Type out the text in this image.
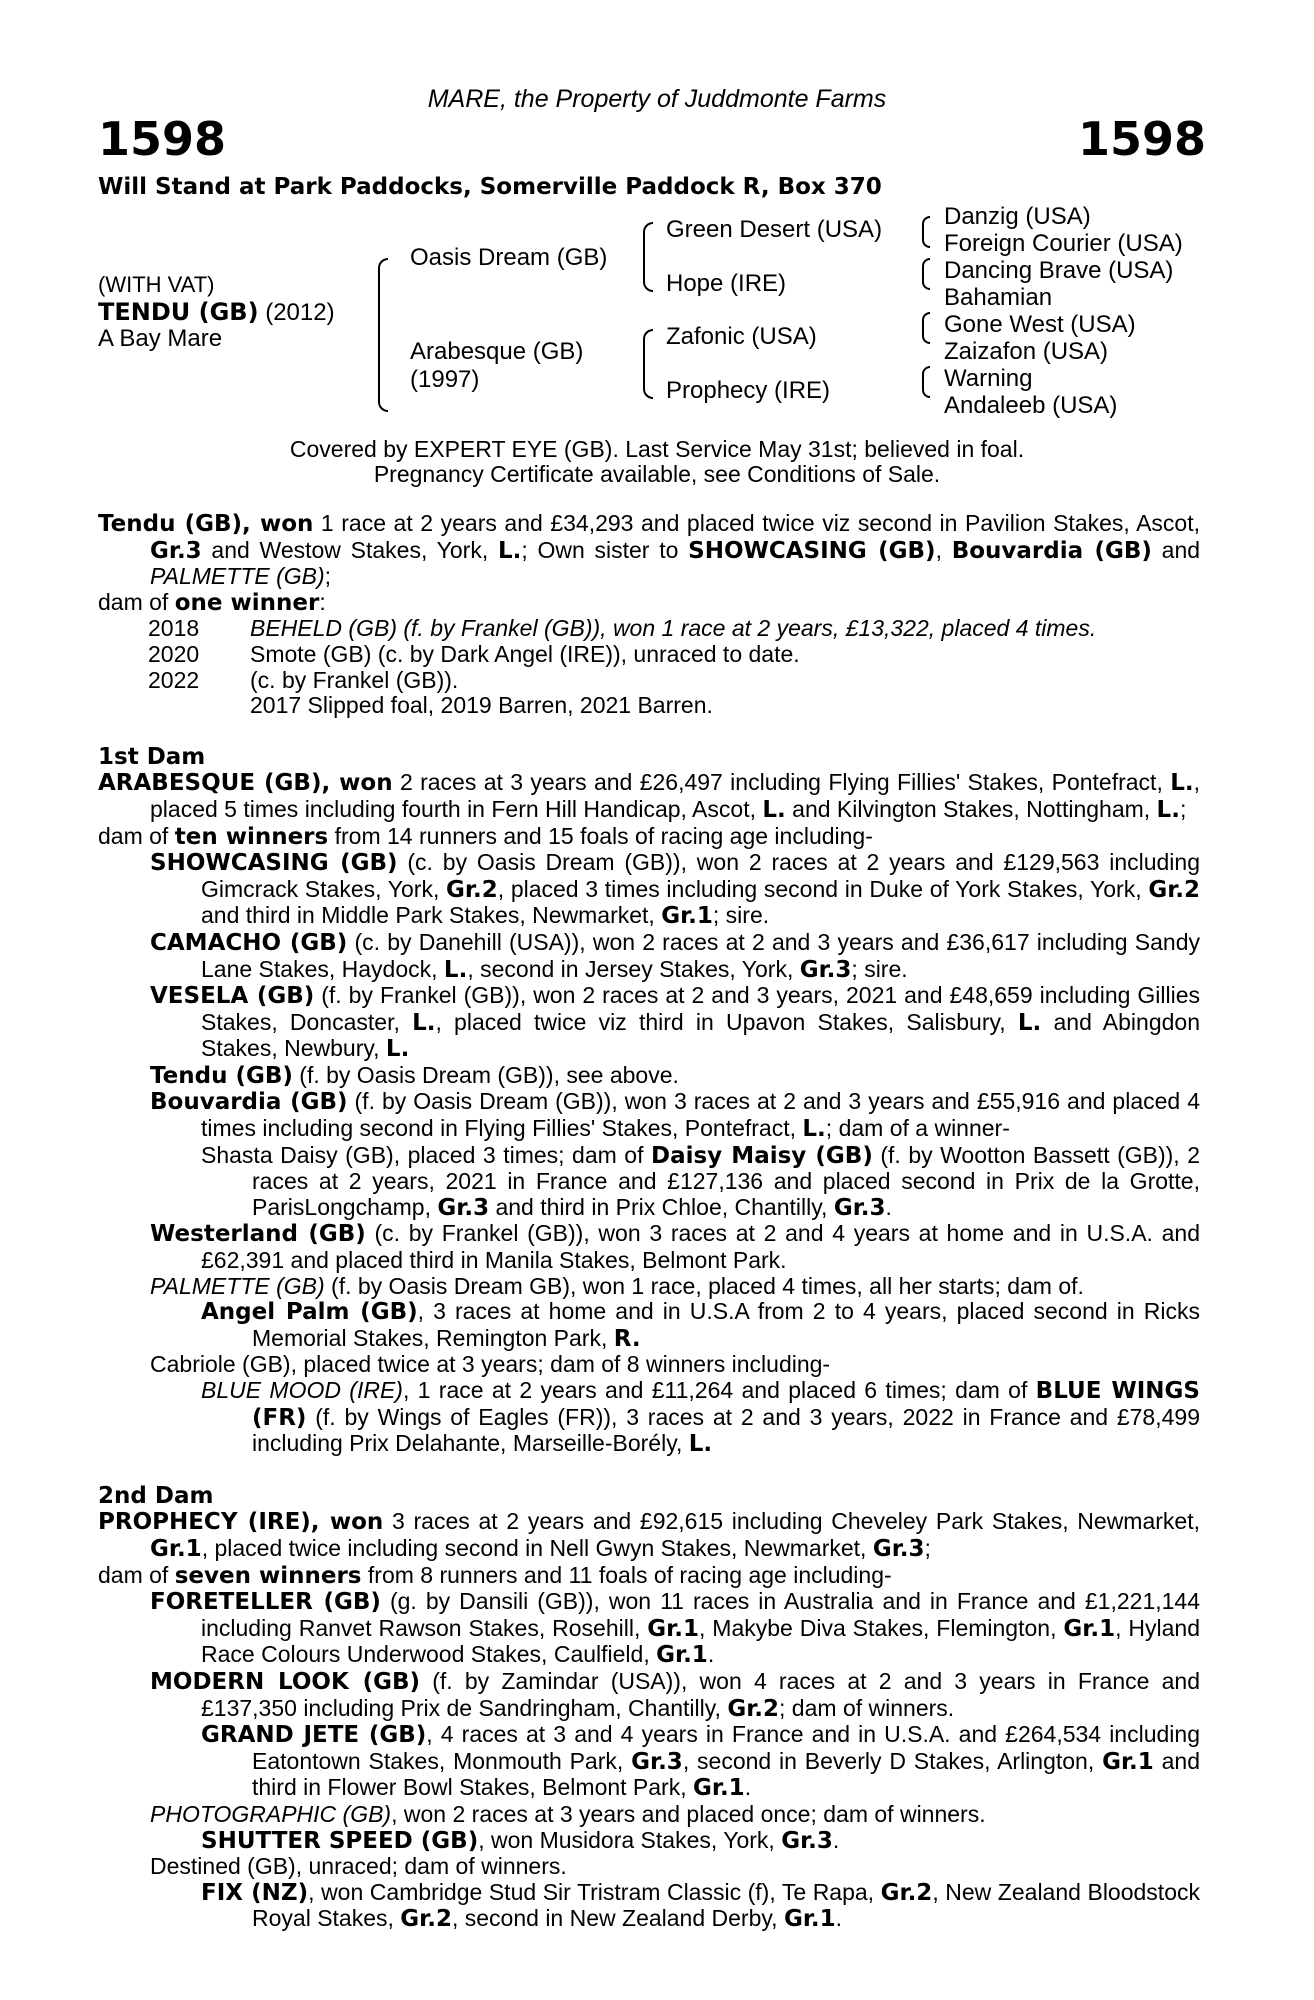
MARE, the Property of Juddmonte Farms
1598	1598
Will Stand at Park Paddocks, Somerville Paddock R, Box 370
(WITH VAT)
TENDU (GB) (2012)
A Bay Mare
Oasis Dream (GB)
Arabesque (GB)
(1997)
Green Desert (USA)
Hope (IRE)
Zafonic (USA)
Prophecy (IRE)
Danzig (USA)
Foreign Courier (USA)
Dancing Brave (USA)
Bahamian
Gone West (USA)
Zaizafon (USA)
Warning
Andaleeb (USA)
Covered by EXPERT EYE (GB). Last Service May 31st; believed in foal.
Pregnancy Certificate available, see Conditions of Sale.

Tendu (GB), won 1 race at 2 years and £34,293 and placed twice viz second in Pavilion Stakes, Ascot, Gr.3 and Westow Stakes, York, L.; Own sister to SHOWCASING (GB), Bouvardia (GB) and PALMETTE (GB);

dam of one winner:

2018	BEHELD (GB) (f. by Frankel (GB)), won 1 race at 2 years, £13,322, placed 4 times.
2020	Smote (GB) (c. by Dark Angel (IRE)), unraced to date.
2022	(c. by Frankel (GB)).
2017 Slipped foal, 2019 Barren, 2021 Barren.

1st Dam

ARABESQUE (GB), won 2 races at 3 years and £26,497 including Flying Fillies' Stakes, Pontefract, L., placed 5 times including fourth in Fern Hill Handicap, Ascot, L. and Kilvington Stakes, Nottingham, L.;

dam of ten winners from 14 runners and 15 foals of racing age including-

SHOWCASING (GB) (c. by Oasis Dream (GB)), won 2 races at 2 years and £129,563 including Gimcrack Stakes, York, Gr.2, placed 3 times including second in Duke of York Stakes, York, Gr.2 and third in Middle Park Stakes, Newmarket, Gr.1; sire.

CAMACHO (GB) (c. by Danehill (USA)), won 2 races at 2 and 3 years and £36,617 including Sandy Lane Stakes, Haydock, L., second in Jersey Stakes, York, Gr.3; sire.

VESELA (GB) (f. by Frankel (GB)), won 2 races at 2 and 3 years, 2021 and £48,659 including Gillies Stakes, Doncaster, L., placed twice viz third in Upavon Stakes, Salisbury, L. and Abingdon Stakes, Newbury, L.

Tendu (GB) (f. by Oasis Dream (GB)), see above.

Bouvardia (GB) (f. by Oasis Dream (GB)), won 3 races at 2 and 3 years and £55,916 and placed 4 times including second in Flying Fillies' Stakes, Pontefract, L.; dam of a winner-

Shasta Daisy (GB), placed 3 times; dam of Daisy Maisy (GB) (f. by Wootton Bassett (GB)), 2 races at 2 years, 2021 in France and £127,136 and placed second in Prix de la Grotte, ParisLongchamp, Gr.3 and third in Prix Chloe, Chantilly, Gr.3.

Westerland (GB) (c. by Frankel (GB)), won 3 races at 2 and 4 years at home and in U.S.A. and £62,391 and placed third in Manila Stakes, Belmont Park.

PALMETTE (GB) (f. by Oasis Dream GB), won 1 race, placed 4 times, all her starts; dam of.

Angel Palm (GB), 3 races at home and in U.S.A from 2 to 4 years, placed second in Ricks Memorial Stakes, Remington Park, R.

Cabriole (GB), placed twice at 3 years; dam of 8 winners including-

BLUE MOOD (IRE), 1 race at 2 years and £11,264 and placed 6 times; dam of BLUE WINGS (FR) (f. by Wings of Eagles (FR)), 3 races at 2 and 3 years, 2022 in France and £78,499 including Prix Delahante, Marseille-Borély, L.

2nd Dam

PROPHECY (IRE), won 3 races at 2 years and £92,615 including Cheveley Park Stakes, Newmarket, Gr.1, placed twice including second in Nell Gwyn Stakes, Newmarket, Gr.3;

dam of seven winners from 8 runners and 11 foals of racing age including-

FORETELLER (GB) (g. by Dansili (GB)), won 11 races in Australia and in France and £1,221,144 including Ranvet Rawson Stakes, Rosehill, Gr.1, Makybe Diva Stakes, Flemington, Gr.1, Hyland Race Colours Underwood Stakes, Caulfield, Gr.1.

MODERN LOOK (GB) (f. by Zamindar (USA)), won 4 races at 2 and 3 years in France and £137,350 including Prix de Sandringham, Chantilly, Gr.2; dam of winners.

GRAND JETE (GB), 4 races at 3 and 4 years in France and in U.S.A. and £264,534 including Eatontown Stakes, Monmouth Park, Gr.3, second in Beverly D Stakes, Arlington, Gr.1 and third in Flower Bowl Stakes, Belmont Park, Gr.1.

PHOTOGRAPHIC (GB), won 2 races at 3 years and placed once; dam of winners.

SHUTTER SPEED (GB), won Musidora Stakes, York, Gr.3.

Destined (GB), unraced; dam of winners.

FIX (NZ), won Cambridge Stud Sir Tristram Classic (f), Te Rapa, Gr.2, New Zealand Bloodstock Royal Stakes, Gr.2, second in New Zealand Derby, Gr.1.
